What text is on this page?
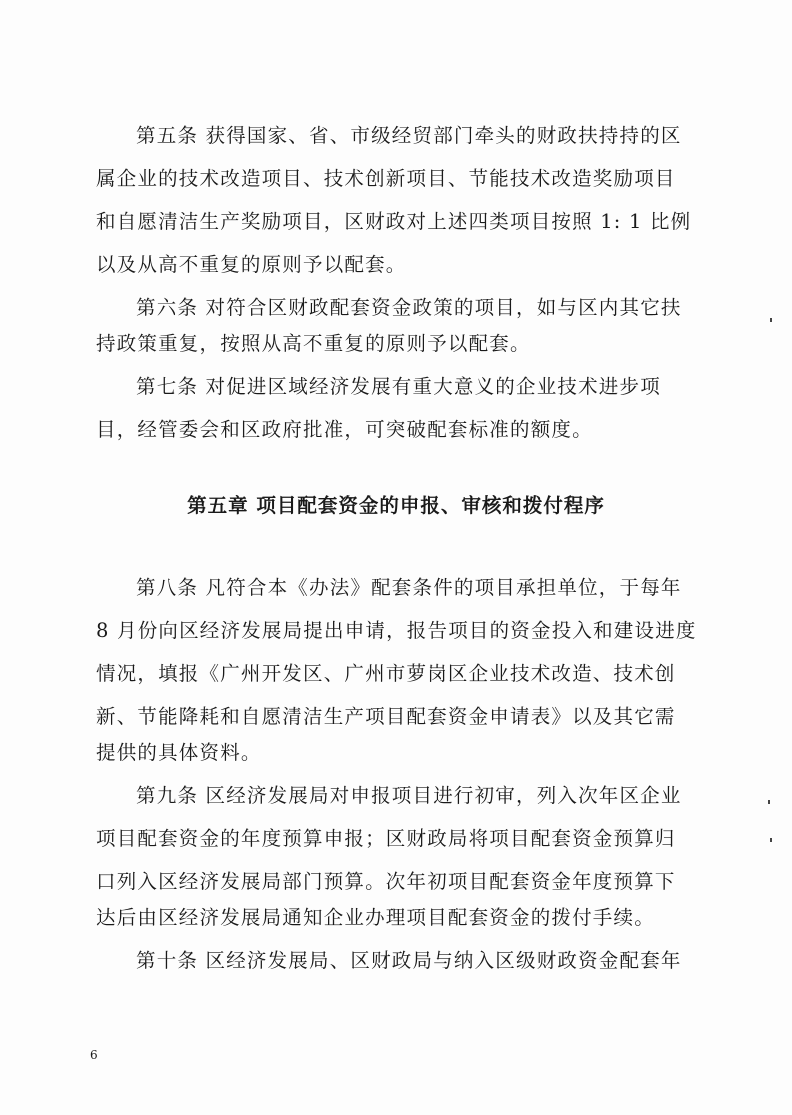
第五条 获得国家、省、市级经贸部门牵头的财政扶持持的区
属企业的技术改造项目、技术创新项目、节能技术改造奖励项目
和自愿清洁生产奖励项目，区财政对上述四类项目按照 1: 1 比例
以及从高不重复的原则予以配套。
第六条 对符合区财政配套资金政策的项目，如与区内其它扶
持政策重复，按照从高不重复的原则予以配套。
第七条 对促进区域经济发展有重大意义的企业技术进步项
目，经管委会和区政府批准，可突破配套标准的额度。
第五章 项目配套资金的申报、审核和拨付程序
第八条 凡符合本《办法》配套条件的项目承担单位，于每年
8 月份向区经济发展局提出申请，报告项目的资金投入和建设进度
情况，填报《广州开发区、广州市萝岗区企业技术改造、技术创
新、节能降耗和自愿清洁生产项目配套资金申请表》以及其它需
提供的具体资料。
第九条 区经济发展局对申报项目进行初审，列入次年区企业
项目配套资金的年度预算申报；区财政局将项目配套资金预算归
口列入区经济发展局部门预算。次年初项目配套资金年度预算下
达后由区经济发展局通知企业办理项目配套资金的拨付手续。
第十条 区经济发展局、区财政局与纳入区级财政资金配套年
6
